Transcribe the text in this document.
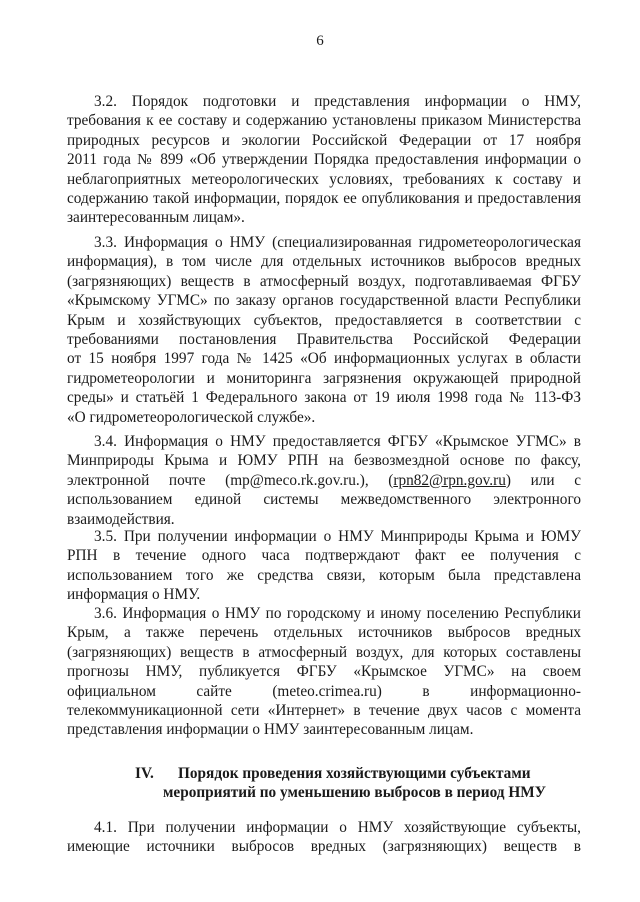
6

3.2. Порядок подготовки и представления информации о НМУ,
требования к ее составу и содержанию установлены приказом Министерства
природных ресурсов и экологии Российской Федерации от 17 ноября
2011 года № 899 «Об утверждении Порядка предоставления информации о
неблагоприятных метеорологических условиях, требованиях к составу и
содержанию такой информации, порядок ее опубликования и предоставления
заинтересованным лицам».

3.3. Информация о НМУ (специализированная гидрометеорологическая
информация), в том числе для отдельных источников выбросов вредных
(загрязняющих) веществ в атмосферный воздух, подготавливаемая ФГБУ
«Крымскому УГМС» по заказу органов государственной власти Республики
Крым и хозяйствующих субъектов, предоставляется в соответствии с
требованиями постановления Правительства Российской Федерации
от 15 ноября 1997 года № 1425 «Об информационных услугах в области
гидрометеорологии и мониторинга загрязнения окружающей природной
среды» и статьёй 1 Федерального закона от 19 июля 1998 года № 113-ФЗ
«О гидрометеорологической службе».

3.4. Информация о НМУ предоставляется ФГБУ «Крымское УГМС» в
Минприроды Крыма и ЮМУ РПН на безвозмездной основе по факсу,
электронной почте (mp@meco.rk.gov.ru.), (rpn82@rpn.gov.ru) или с
использованием единой системы межведомственного электронного
взаимодействия.

3.5. При получении информации о НМУ Минприроды Крыма и ЮМУ
РПН в течение одного часа подтверждают факт ее получения с
использованием того же средства связи, которым была представлена
информация о НМУ.

3.6. Информация о НМУ по городскому и иному поселению Республики
Крым, а также перечень отдельных источников выбросов вредных
(загрязняющих) веществ в атмосферный воздух, для которых составлены
прогнозы НМУ, публикуется ФГБУ «Крымское УГМС» на своем
официальном сайте (meteo.crimea.ru) в информационно-
телекоммуникационной сети «Интернет» в течение двух часов с момента
представления информации о НМУ заинтересованным лицам.

IV. Порядок проведения хозяйствующими субъектами
мероприятий по уменьшению выбросов в период НМУ

4.1. При получении информации о НМУ хозяйствующие субъекты,
имеющие источники выбросов вредных (загрязняющих) веществ в
